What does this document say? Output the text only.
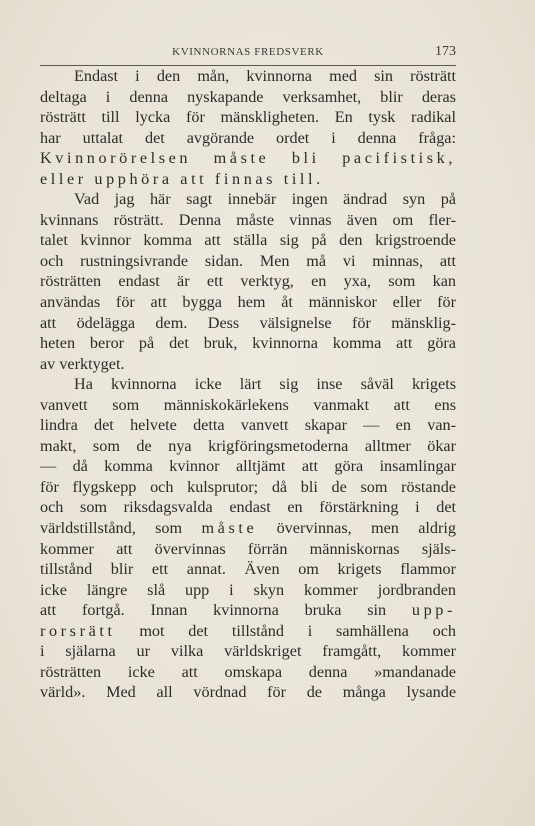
KVINNORNAS FREDSVERK	173
Endast i den mån, kvinnorna med sin rösträtt
deltaga i denna nyskapande verksamhet, blir deras
rösträtt till lycka för mänskligheten. En tysk radikal
har uttalat det avgörande ordet i denna fråga:
Kvinnorörelsen måste bli pacifistisk,
eller upphöra att finnas till.
Vad jag här sagt innebär ingen ändrad syn på
kvinnans rösträtt. Denna måste vinnas även om fler-
talet kvinnor komma att ställa sig på den krigstroende
och rustningsivrande sidan. Men må vi minnas, att
rösträtten endast är ett verktyg, en yxa, som kan
användas för att bygga hem åt människor eller för
att ödelägga dem. Dess välsignelse för mänsklig-
heten beror på det bruk, kvinnorna komma att göra
av verktyget.
Ha kvinnorna icke lärt sig inse såväl krigets
vanvett som människokärlekens vanmakt att ens
lindra det helvete detta vanvett skapar — en van-
makt, som de nya krigföringsmetoderna alltmer ökar
— då komma kvinnor alltjämt att göra insamlingar
för flygskepp och kulsprutor; då bli de som röstande
och som riksdagsvalda endast en förstärkning i det
världstillstånd, som måste övervinnas, men aldrig
kommer att övervinnas förrän människornas själs-
tillstånd blir ett annat. Även om krigets flammor
icke längre slå upp i skyn kommer jordbranden
att fortgå. Innan kvinnorna bruka sin upp-
rorsrätt mot det tillstånd i samhällena och
i själarna ur vilka världskriget framgått, kommer
rösträtten icke att omskapa denna »mandanade
värld». Med all vördnad för de många lysande
